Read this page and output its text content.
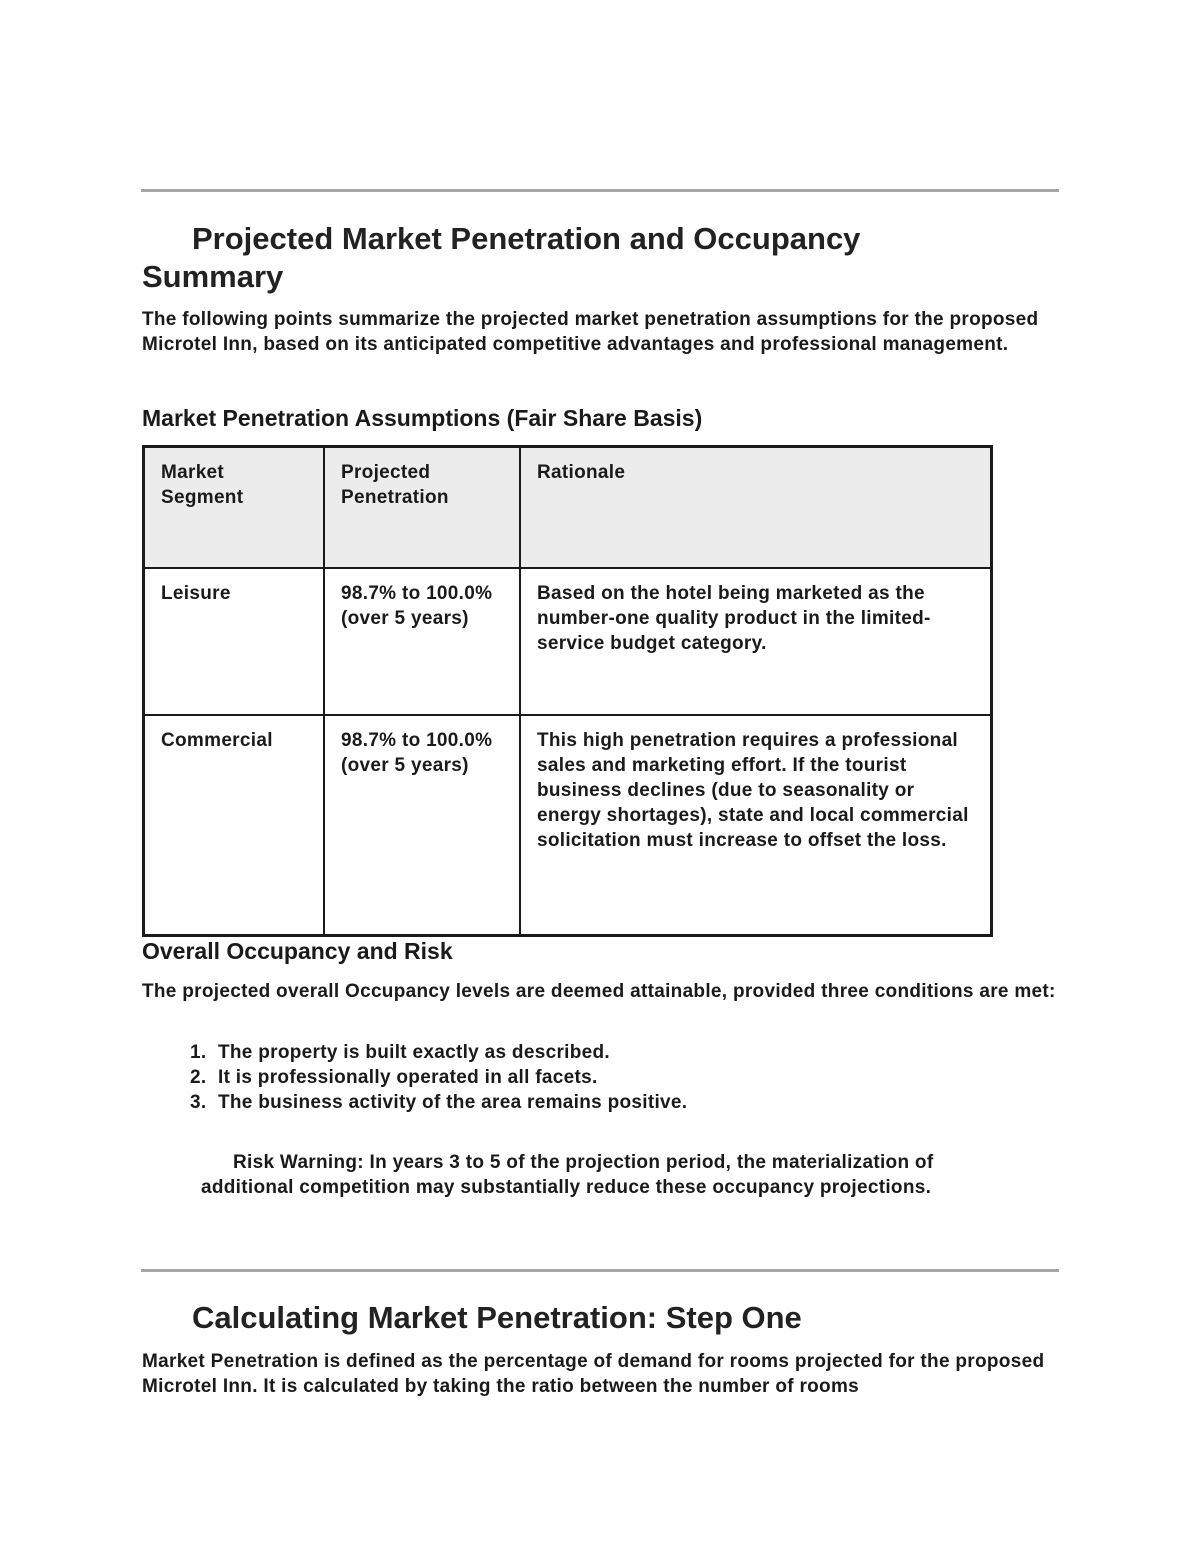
Projected Market Penetration and Occupancy Summary

The following points summarize the projected market penetration assumptions for the proposed Microtel Inn, based on its anticipated competitive advantages and professional management.

Market Penetration Assumptions (Fair Share Basis)
Market Segment	Projected Penetration	Rationale
Leisure	98.7% to 100.0% (over 5 years)	Based on the hotel being marketed as the number-one quality product in the limited-service budget category.
Commercial	98.7% to 100.0% (over 5 years)	This high penetration requires a professional sales and marketing effort. If the tourist business declines (due to seasonality or energy shortages), state and local commercial solicitation must increase to offset the loss.
Overall Occupancy and Risk

The projected overall Occupancy levels are deemed attainable, provided three conditions are met:

1. The property is built exactly as described.
2. It is professionally operated in all facets.
3. The business activity of the area remains positive.

Risk Warning: In years 3 to 5 of the projection period, the materialization of additional competition may substantially reduce these occupancy projections.

Calculating Market Penetration: Step One

Market Penetration is defined as the percentage of demand for rooms projected for the proposed Microtel Inn. It is calculated by taking the ratio between the number of rooms
